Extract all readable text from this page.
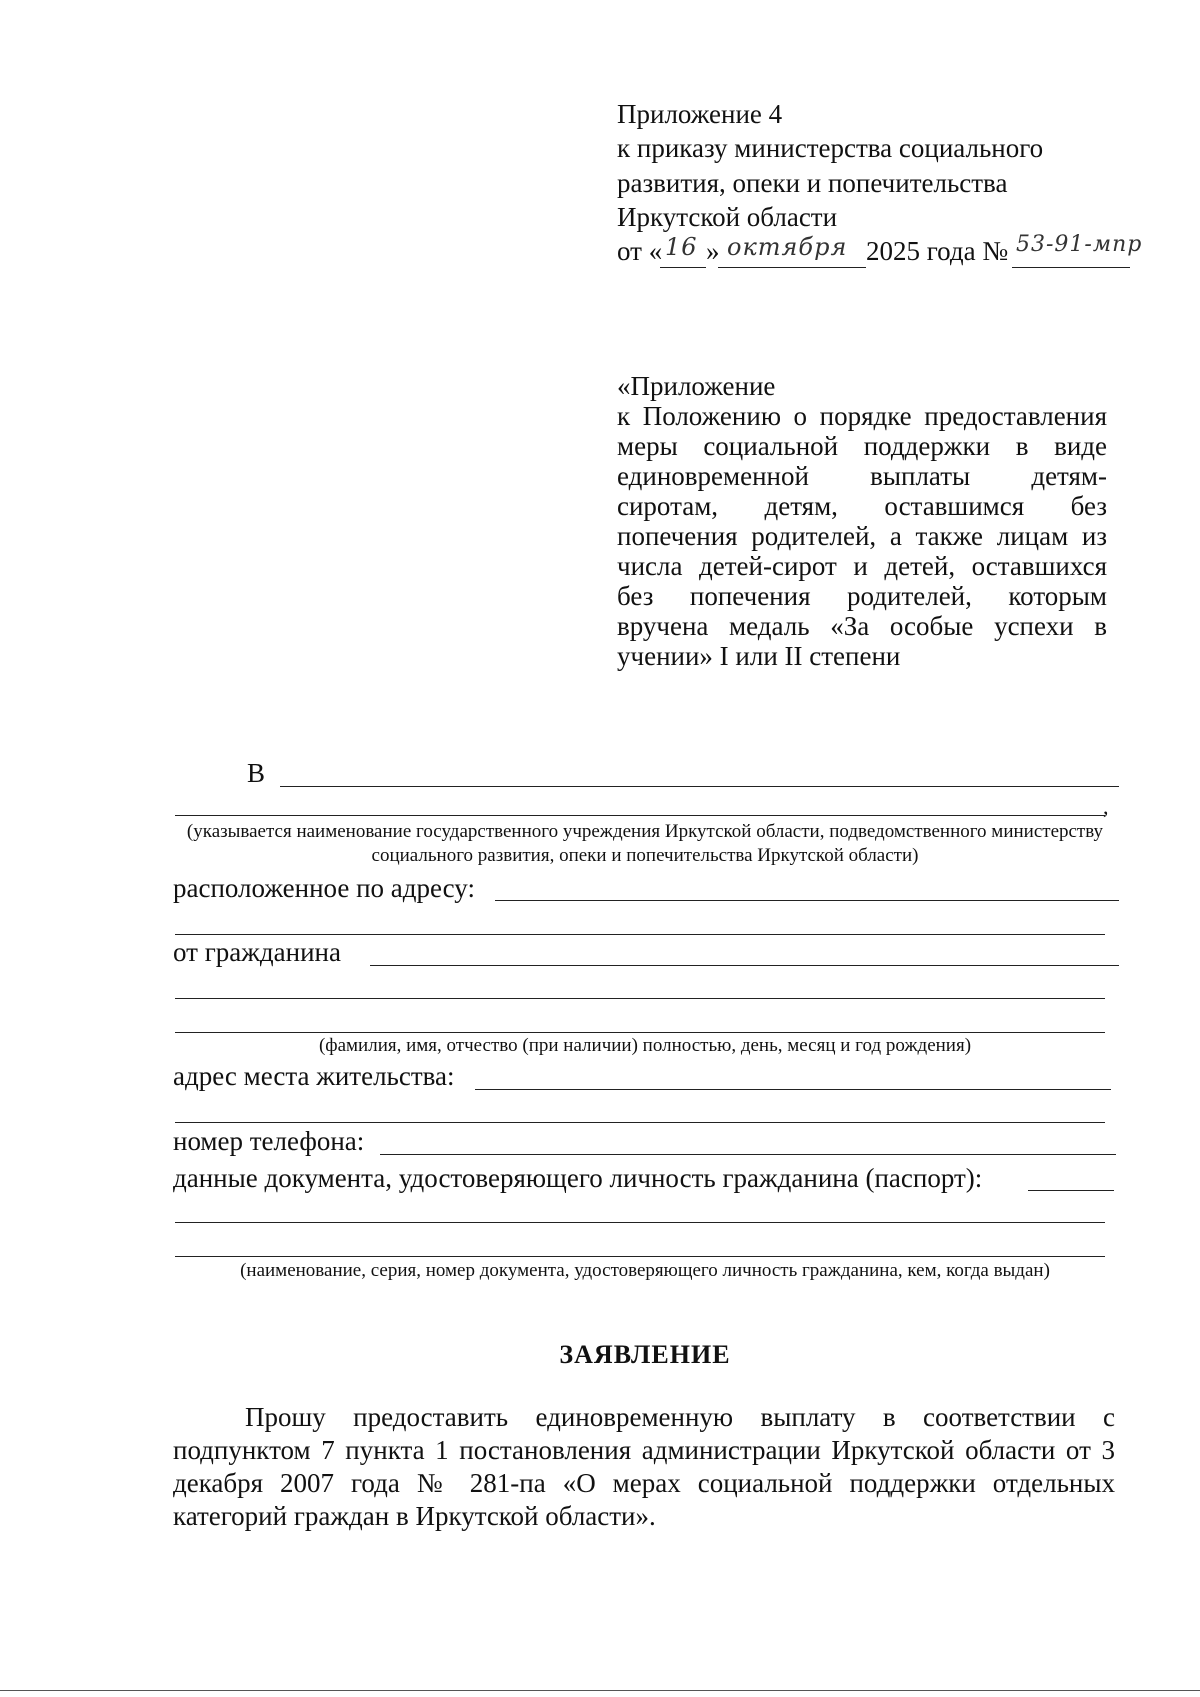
Приложение 4
к приказу министерства социального
развития, опеки и попечительства
Иркутской области
от « 16 » октября 2025 года № 53-91-мпр
«Приложение
к Положению о порядке предоставления
меры социальной поддержки в виде
единовременной выплаты детям-
сиротам, детям, оставшимся без
попечения родителей, а также лицам из
числа детей-сирот и детей, оставшихся
без попечения родителей, которым
вручена медаль «За особые успехи в
учении» I или II степени
В
,
(указывается наименование государственного учреждения Иркутской области, подведомственного министерству социального развития, опеки и попечительства Иркутской области)
расположенное по адресу:
от гражданина
(фамилия, имя, отчество (при наличии) полностью, день, месяц и год рождения)
адрес места жительства:
номер телефона:
данные документа, удостоверяющего личность гражданина (паспорт):
(наименование, серия, номер документа, удостоверяющего личность гражданина, кем, когда выдан)
ЗАЯВЛЕНИЕ
Прошу предоставить единовременную выплату в соответствии с подпунктом 7 пункта 1 постановления администрации Иркутской области от 3 декабря 2007 года № 281-па «О мерах социальной поддержки отдельных категорий граждан в Иркутской области».
